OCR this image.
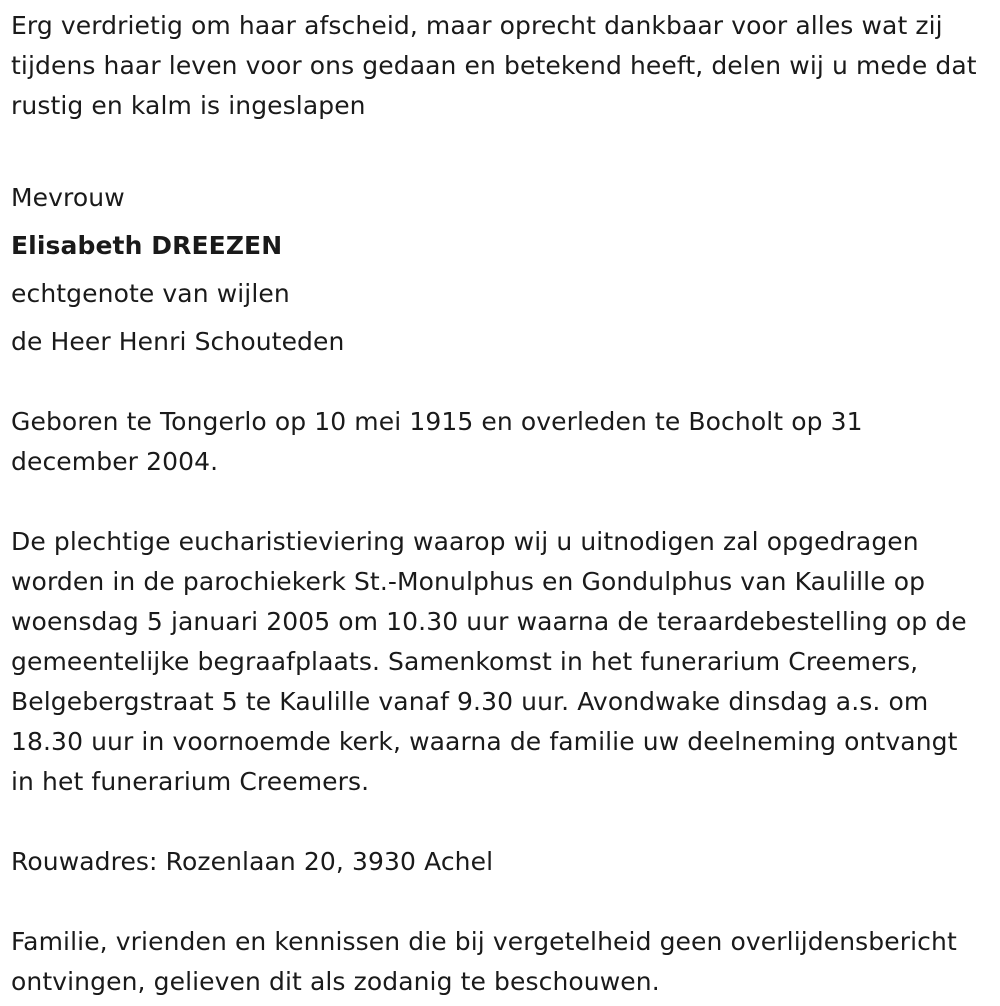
Erg verdrietig om haar afscheid, maar oprecht dankbaar voor alles wat zij tijdens haar leven voor ons gedaan en betekend heeft, delen wij u mede dat rustig en kalm is ingeslapen

Mevrouw
Elisabeth DREEZEN
echtgenote van wijlen
de Heer Henri Schouteden

Geboren te Tongerlo op 10 mei 1915 en overleden te Bocholt op 31 december 2004.

De plechtige eucharistieviering waarop wij u uitnodigen zal opgedragen worden in de parochiekerk St.-Monulphus en Gondulphus van Kaulille op woensdag 5 januari 2005 om 10.30 uur waarna de teraardebestelling op de gemeentelijke begraafplaats. Samenkomst in het funerarium Creemers, Belgebergstraat 5 te Kaulille vanaf 9.30 uur. Avondwake dinsdag a.s. om 18.30 uur in voornoemde kerk, waarna de familie uw deelneming ontvangt in het funerarium Creemers.

Rouwadres: Rozenlaan 20, 3930 Achel

Familie, vrienden en kennissen die bij vergetelheid geen overlijdensbericht ontvingen, gelieven dit als zodanig te beschouwen.
